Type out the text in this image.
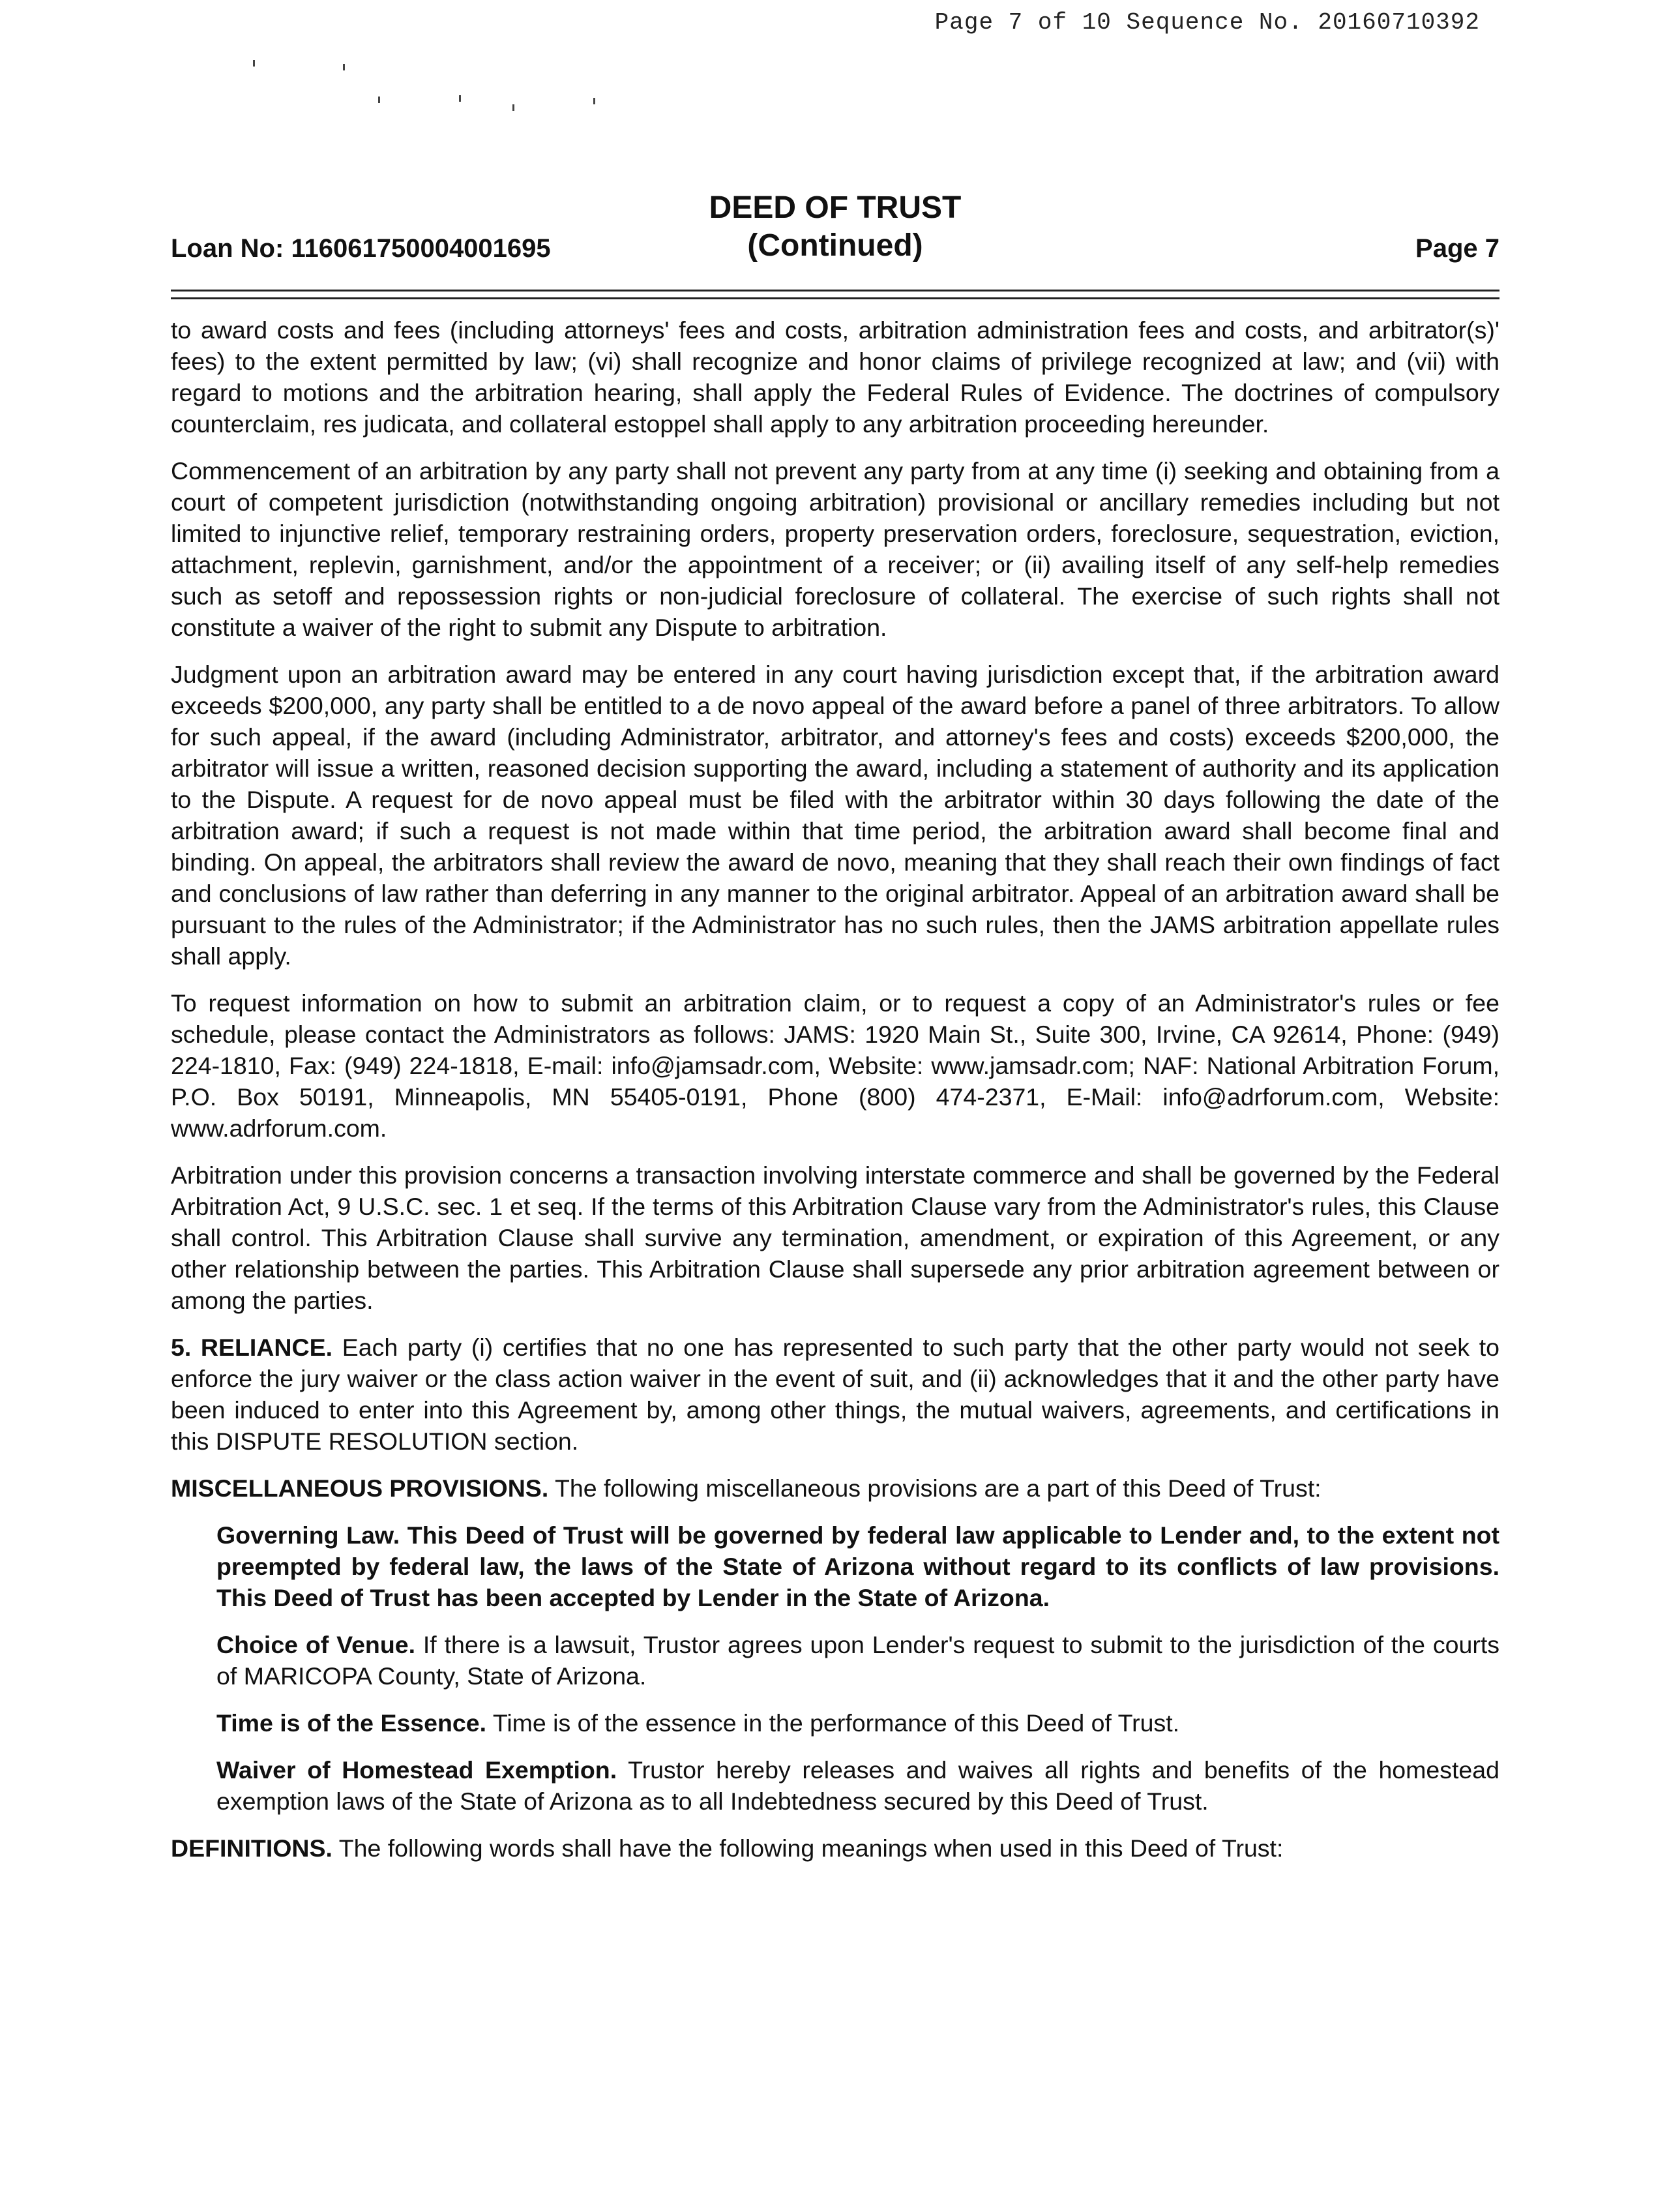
Page 7 of 10 Sequence No. 20160710392
Loan No: 116061750004001695
DEED OF TRUST
(Continued)	Page 7

to award costs and fees (including attorneys' fees and costs, arbitration administration fees and costs, and arbitrator(s)' fees) to the extent permitted by law; (vi) shall recognize and honor claims of privilege recognized at law; and (vii) with regard to motions and the arbitration hearing, shall apply the Federal Rules of Evidence. The doctrines of compulsory counterclaim, res judicata, and collateral estoppel shall apply to any arbitration proceeding hereunder.

Commencement of an arbitration by any party shall not prevent any party from at any time (i) seeking and obtaining from a court of competent jurisdiction (notwithstanding ongoing arbitration) provisional or ancillary remedies including but not limited to injunctive relief, temporary restraining orders, property preservation orders, foreclosure, sequestration, eviction, attachment, replevin, garnishment, and/or the appointment of a receiver; or (ii) availing itself of any self-help remedies such as setoff and repossession rights or non-judicial foreclosure of collateral. The exercise of such rights shall not constitute a waiver of the right to submit any Dispute to arbitration.

Judgment upon an arbitration award may be entered in any court having jurisdiction except that, if the arbitration award exceeds $200,000, any party shall be entitled to a de novo appeal of the award before a panel of three arbitrators. To allow for such appeal, if the award (including Administrator, arbitrator, and attorney's fees and costs) exceeds $200,000, the arbitrator will issue a written, reasoned decision supporting the award, including a statement of authority and its application to the Dispute. A request for de novo appeal must be filed with the arbitrator within 30 days following the date of the arbitration award; if such a request is not made within that time period, the arbitration award shall become final and binding. On appeal, the arbitrators shall review the award de novo, meaning that they shall reach their own findings of fact and conclusions of law rather than deferring in any manner to the original arbitrator. Appeal of an arbitration award shall be pursuant to the rules of the Administrator; if the Administrator has no such rules, then the JAMS arbitration appellate rules shall apply.

To request information on how to submit an arbitration claim, or to request a copy of an Administrator's rules or fee schedule, please contact the Administrators as follows: JAMS: 1920 Main St., Suite 300, Irvine, CA 92614, Phone: (949) 224-1810, Fax: (949) 224-1818, E-mail: info@jamsadr.com, Website: www.jamsadr.com; NAF: National Arbitration Forum, P.O. Box 50191, Minneapolis, MN 55405-0191, Phone (800) 474-2371, E-Mail: info@adrforum.com, Website: www.adrforum.com.

Arbitration under this provision concerns a transaction involving interstate commerce and shall be governed by the Federal Arbitration Act, 9 U.S.C. sec. 1 et seq. If the terms of this Arbitration Clause vary from the Administrator's rules, this Clause shall control. This Arbitration Clause shall survive any termination, amendment, or expiration of this Agreement, or any other relationship between the parties. This Arbitration Clause shall supersede any prior arbitration agreement between or among the parties.

5. RELIANCE. Each party (i) certifies that no one has represented to such party that the other party would not seek to enforce the jury waiver or the class action waiver in the event of suit, and (ii) acknowledges that it and the other party have been induced to enter into this Agreement by, among other things, the mutual waivers, agreements, and certifications in this DISPUTE RESOLUTION section.

MISCELLANEOUS PROVISIONS. The following miscellaneous provisions are a part of this Deed of Trust:

Governing Law. This Deed of Trust will be governed by federal law applicable to Lender and, to the extent not preempted by federal law, the laws of the State of Arizona without regard to its conflicts of law provisions. This Deed of Trust has been accepted by Lender in the State of Arizona.

Choice of Venue. If there is a lawsuit, Trustor agrees upon Lender's request to submit to the jurisdiction of the courts of MARICOPA County, State of Arizona.

Time is of the Essence. Time is of the essence in the performance of this Deed of Trust.

Waiver of Homestead Exemption. Trustor hereby releases and waives all rights and benefits of the homestead exemption laws of the State of Arizona as to all Indebtedness secured by this Deed of Trust.

DEFINITIONS. The following words shall have the following meanings when used in this Deed of Trust:
